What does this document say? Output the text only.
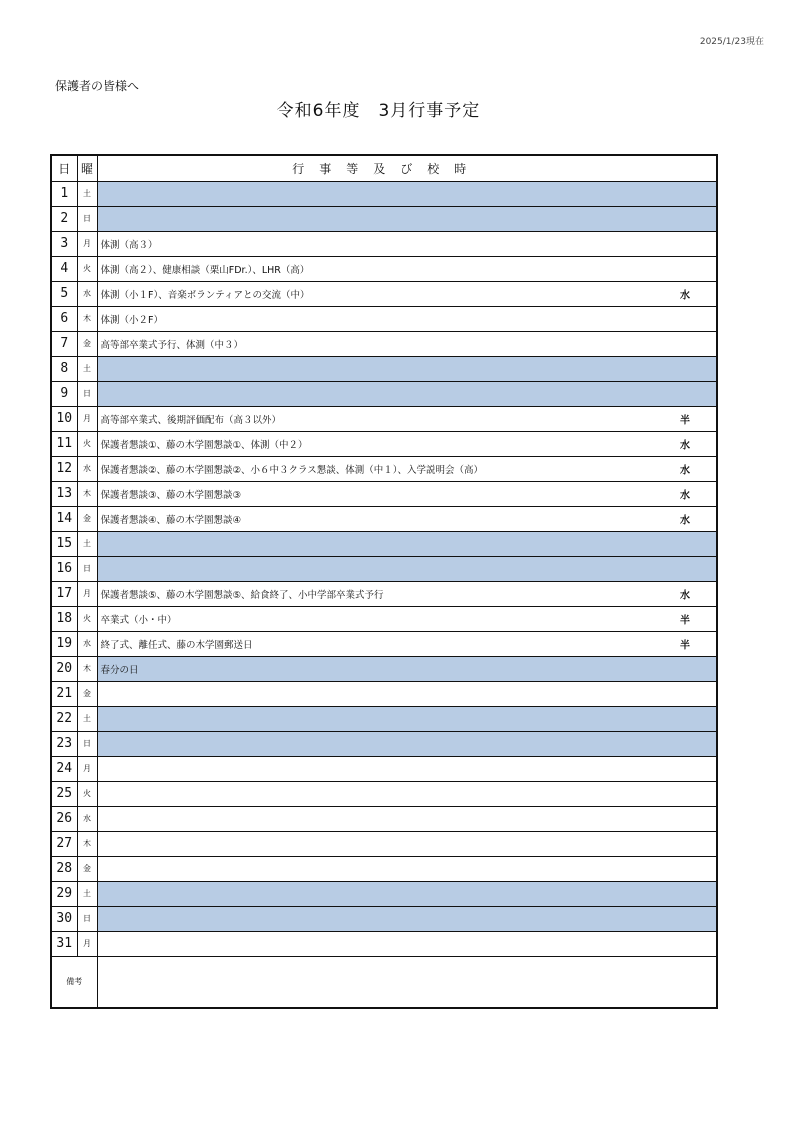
2025/1/23現在
保護者の皆様へ
令和6年度　3月行事予定
日	曜	行事等及び校時
1	土	

2	日	

3	月	体測（高３）

4	火	体測（高２）、健康相談（栗山FDr.）、LHR（高）

5	水	体測（小１F）、音楽ボランティアとの交流（中） 水

6	木	体測（小２F）

7	金	高等部卒業式予行、体測（中３）

8	土	

9	日	

10	月	高等部卒業式、後期評価配布（高３以外） 半

11	火	保護者懇談①、藤の木学園懇談①、体測（中２） 水

12	水	保護者懇談②、藤の木学園懇談②、小６中３クラス懇談、体測（中１）、入学説明会（高） 水

13	木	保護者懇談③、藤の木学園懇談③ 水

14	金	保護者懇談④、藤の木学園懇談④ 水

15	土	

16	日	

17	月	保護者懇談⑤、藤の木学園懇談⑤、給食終了、小中学部卒業式予行 水

18	火	卒業式（小・中） 半

19	水	終了式、離任式、藤の木学園郵送日 半

20	木	春分の日

21	金	

22	土	

23	日	

24	月	

25	火	

26	水	

27	木	

28	金	

29	土	

30	日	

31	月	

備考		
